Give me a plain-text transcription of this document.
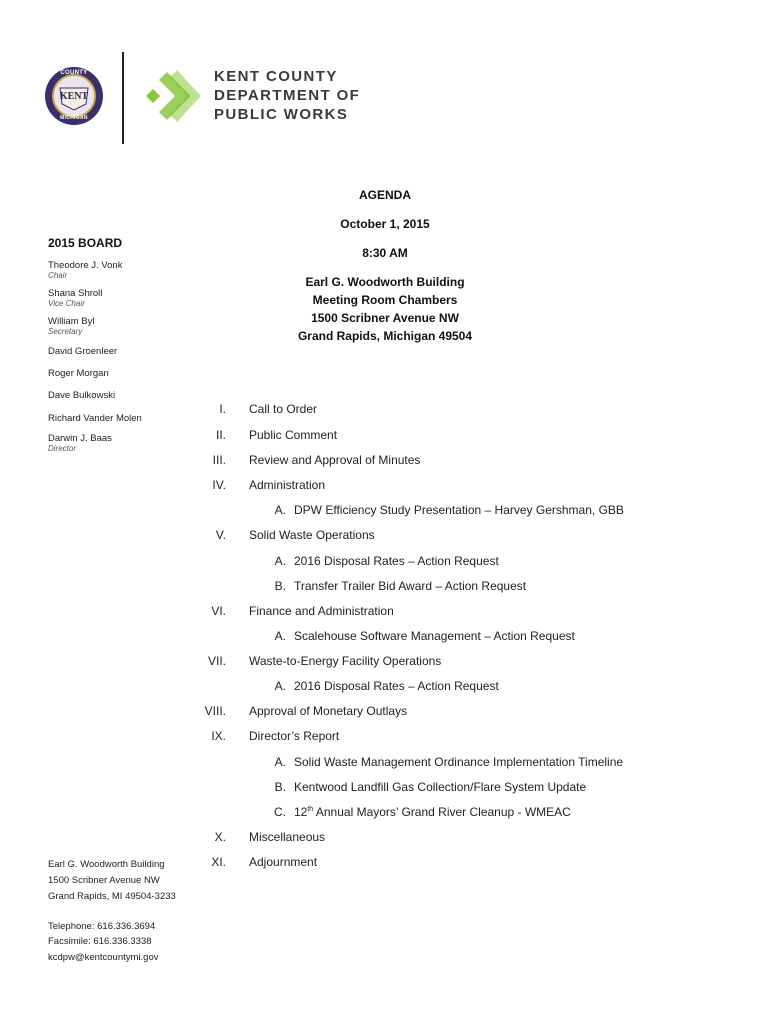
COUNTY
KENT
MICHIGAN
KENT COUNTY
DEPARTMENT OF
PUBLIC WORKS
AGENDA
October 1, 2015
8:30 AM
Earl G. Woodworth Building
Meeting Room Chambers
1500 Scribner Avenue NW
Grand Rapids, Michigan 49504
2015 BOARD
Theodore J. Vonk
Chair
Shana Shroll
Vice Chair
William Byl
Secretary
David Groenleer
Roger Morgan
Dave Bulkowski
Richard Vander Molen
Darwin J. Baas
Director
Earl G. Woodworth Building
1500 Scribner Avenue NW
Grand Rapids, MI 49504-3233
Telephone: 616.336.3694
Facsimile: 616.336.3338
kcdpw@kentcountymi.gov
I. Call to Order
II. Public Comment
III. Review and Approval of Minutes
IV. Administration
A. DPW Efficiency Study Presentation – Harvey Gershman, GBB
V. Solid Waste Operations
A. 2016 Disposal Rates – Action Request
B. Transfer Trailer Bid Award – Action Request
VI. Finance and Administration
A. Scalehouse Software Management – Action Request
VII. Waste-to-Energy Facility Operations
A. 2016 Disposal Rates – Action Request
VIII. Approval of Monetary Outlays
IX. Director’s Report
A. Solid Waste Management Ordinance Implementation Timeline
B. Kentwood Landfill Gas Collection/Flare System Update
C. 12th Annual Mayors’ Grand River Cleanup - WMEAC
X. Miscellaneous
XI. Adjournment
